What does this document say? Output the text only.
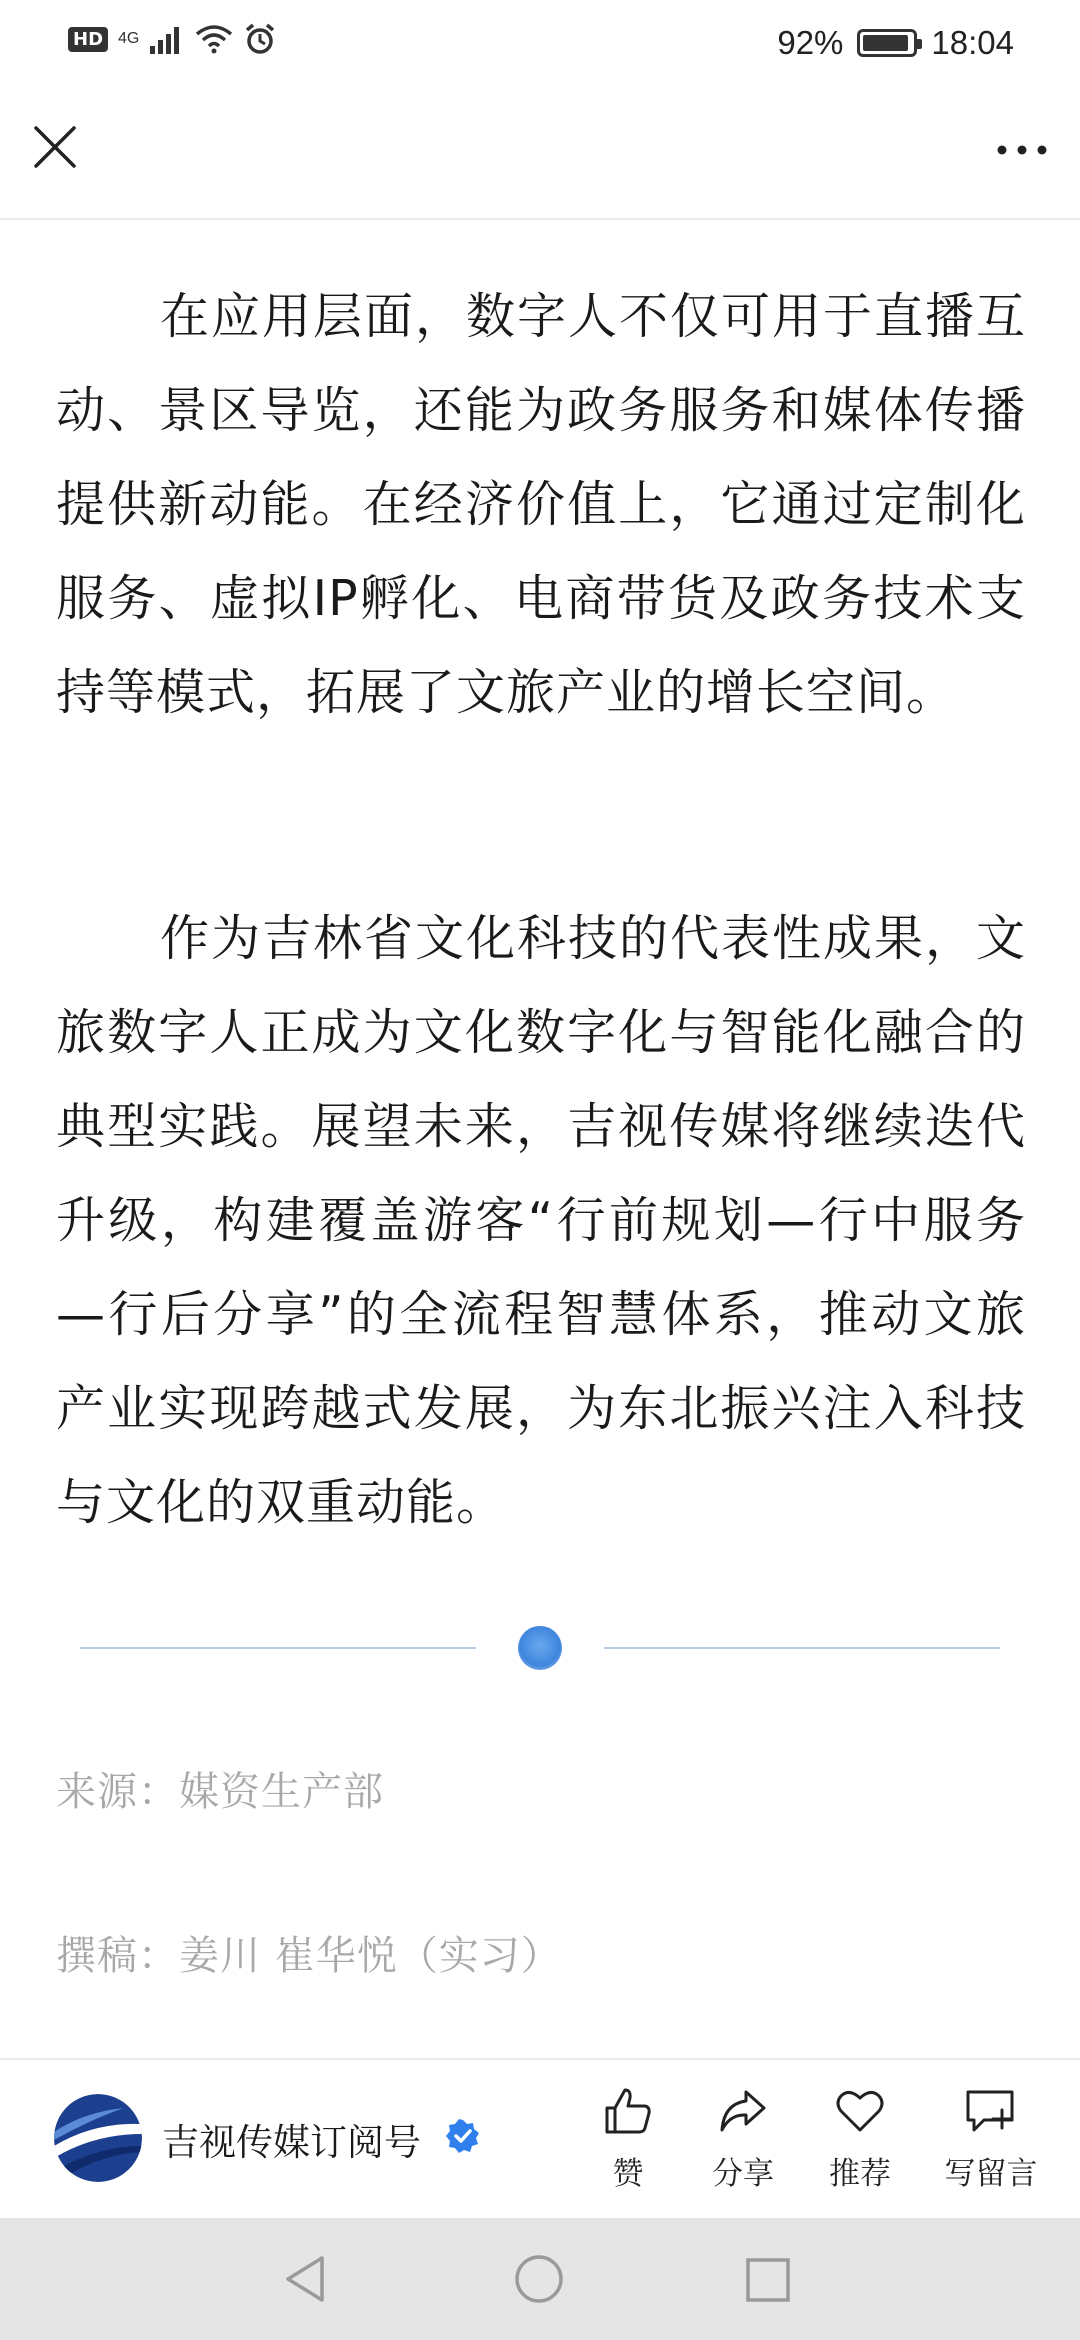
HD 4G	92%	18:04

在应用层面，数字人不仅可用于直播互动、景区导览，还能为政务服务和媒体传播提供新动能。在经济价值上，它通过定制化服务、虚拟IP孵化、电商带货及政务技术支持等模式，拓展了文旅产业的增长空间。

作为吉林省文化科技的代表性成果，文旅数字人正成为文化数字化与智能化融合的典型实践。展望未来，吉视传媒将继续迭代升级，构建覆盖游客“行前规划—行中服务—行后分享”的全流程智慧体系，推动文旅产业实现跨越式发展，为东北振兴注入科技与文化的双重动能。

来源：媒资生产部
撰稿：姜川 崔华悦（实习）
吉视传媒订阅号
赞	分享	推荐	写留言
